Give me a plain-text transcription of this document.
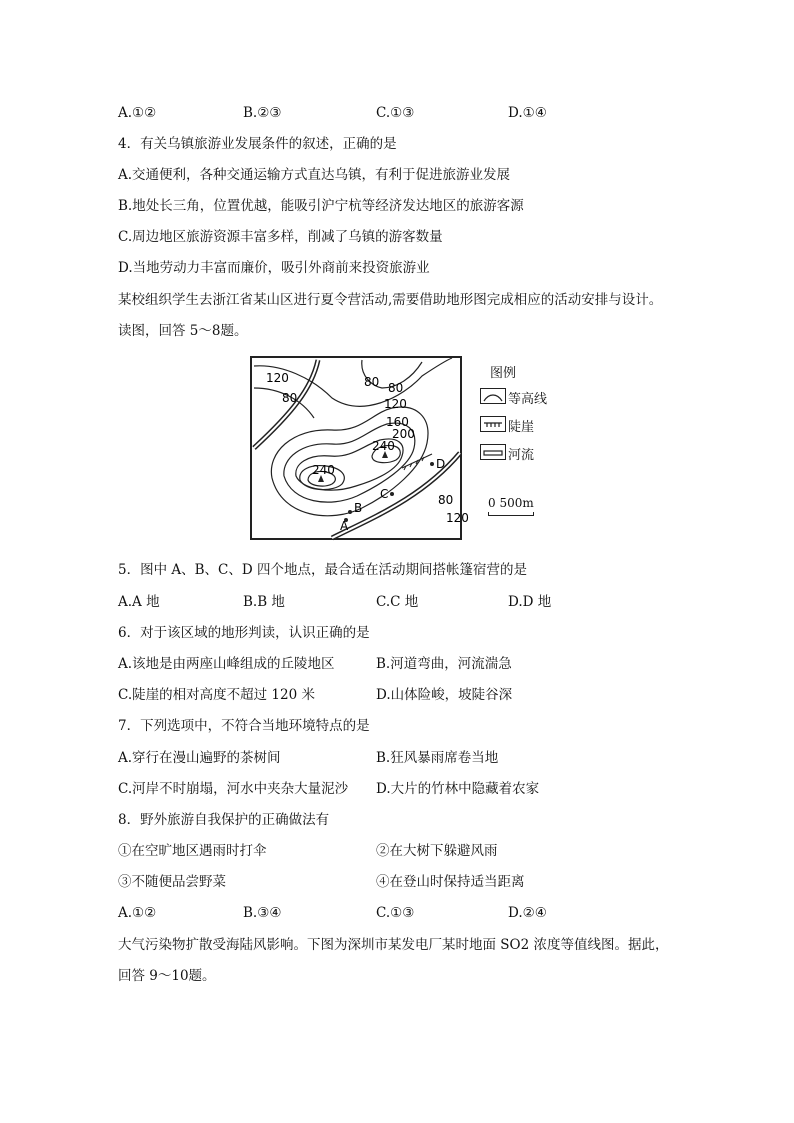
A.①②	B.②③	C.①③	D.①④
4．有关乌镇旅游业发展条件的叙述，正确的是
A.交通便利，各种交通运输方式直达乌镇，有利于促进旅游业发展
B.地处长三角，位置优越，能吸引沪宁杭等经济发达地区的旅游客源
C.周边地区旅游资源丰富多样，削减了乌镇的游客数量
D.当地劳动力丰富而廉价，吸引外商前来投资旅游业
某校组织学生去浙江省某山区进行夏令营活动,需要借助地形图完成相应的活动安排与设计。
读图，回答 5～8题。
120
80
80 80
120
160
200
240
240
80
120
A
B
C
D
图例
等高线
陡崖
河流
0 500m
5．图中 A、B、C、D 四个地点，最合适在活动期间搭帐篷宿营的是
A.A 地	B.B 地	C.C 地	D.D 地
6．对于该区域的地形判读，认识正确的是
A.该地是由两座山峰组成的丘陵地区	B.河道弯曲，河流湍急
C.陡崖的相对高度不超过 120 米	D.山体险峻，坡陡谷深
7．下列选项中，不符合当地环境特点的是
A.穿行在漫山遍野的茶树间	B.狂风暴雨席卷当地
C.河岸不时崩塌，河水中夹杂大量泥沙 D.大片的竹林中隐藏着农家
8．野外旅游自我保护的正确做法有
①在空旷地区遇雨时打伞	②在大树下躲避风雨
③不随便品尝野菜	④在登山时保持适当距离
A.①②	B.③④	C.①③	D.②④
大气污染物扩散受海陆风影响。下图为深圳市某发电厂某时地面 SO2 浓度等值线图。据此，
回答 9～10题。
